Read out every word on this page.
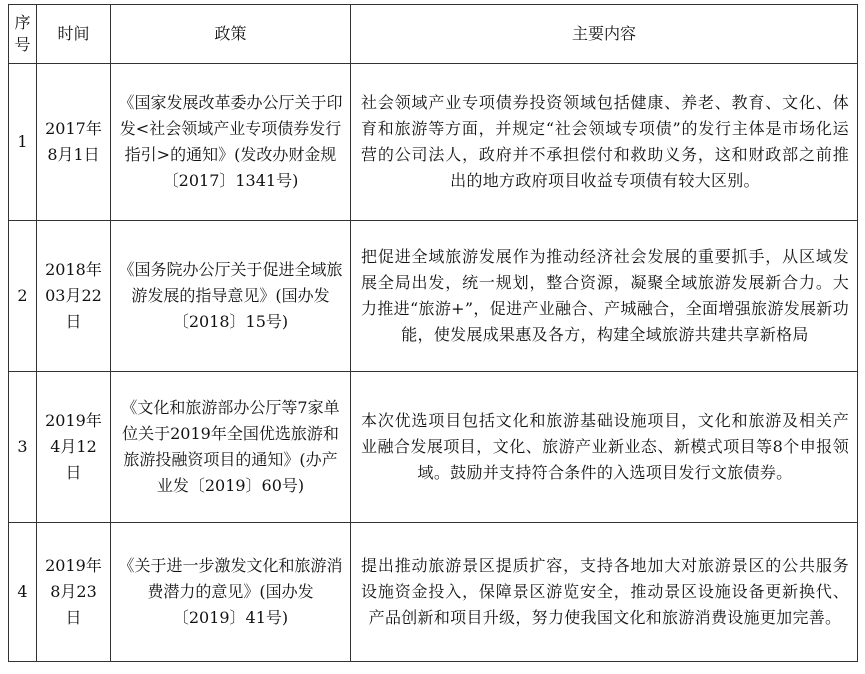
序号	时间	政策	主要内容
1	2017年8月1日	《国家发展改革委办公厅关于印发<社会领域产业专项债券发行指引>的通知》(发改办财金规〔2017〕1341号)	社会领域产业专项债券投资领域包括健康、养老、教育、文化、体育和旅游等方面，并规定“社会领域专项债”的发行主体是市场化运营的公司法人，政府并不承担偿付和救助义务，这和财政部之前推出的地方政府项目收益专项债有较大区别。
2	2018年03月22日	《国务院办公厅关于促进全域旅游发展的指导意见》(国办发〔2018〕15号)	把促进全域旅游发展作为推动经济社会发展的重要抓手，从区域发展全局出发，统一规划，整合资源，凝聚全域旅游发展新合力。大力推进“旅游+”，促进产业融合、产城融合，全面增强旅游发展新功能，使发展成果惠及各方，构建全域旅游共建共享新格局
3	2019年4月12日	《文化和旅游部办公厅等7家单位关于2019年全国优选旅游和旅游投融资项目的通知》(办产业发〔2019〕60号)	本次优选项目包括文化和旅游基础设施项目，文化和旅游及相关产业融合发展项目，文化、旅游产业新业态、新模式项目等8个申报领域。鼓励并支持符合条件的入选项目发行文旅债券。
4	2019年8月23日	《关于进一步激发文化和旅游消费潜力的意见》(国办发〔2019〕41号)	提出推动旅游景区提质扩容，支持各地加大对旅游景区的公共服务设施资金投入，保障景区游览安全，推动景区设施设备更新换代、产品创新和项目升级，努力使我国文化和旅游消费设施更加完善。
